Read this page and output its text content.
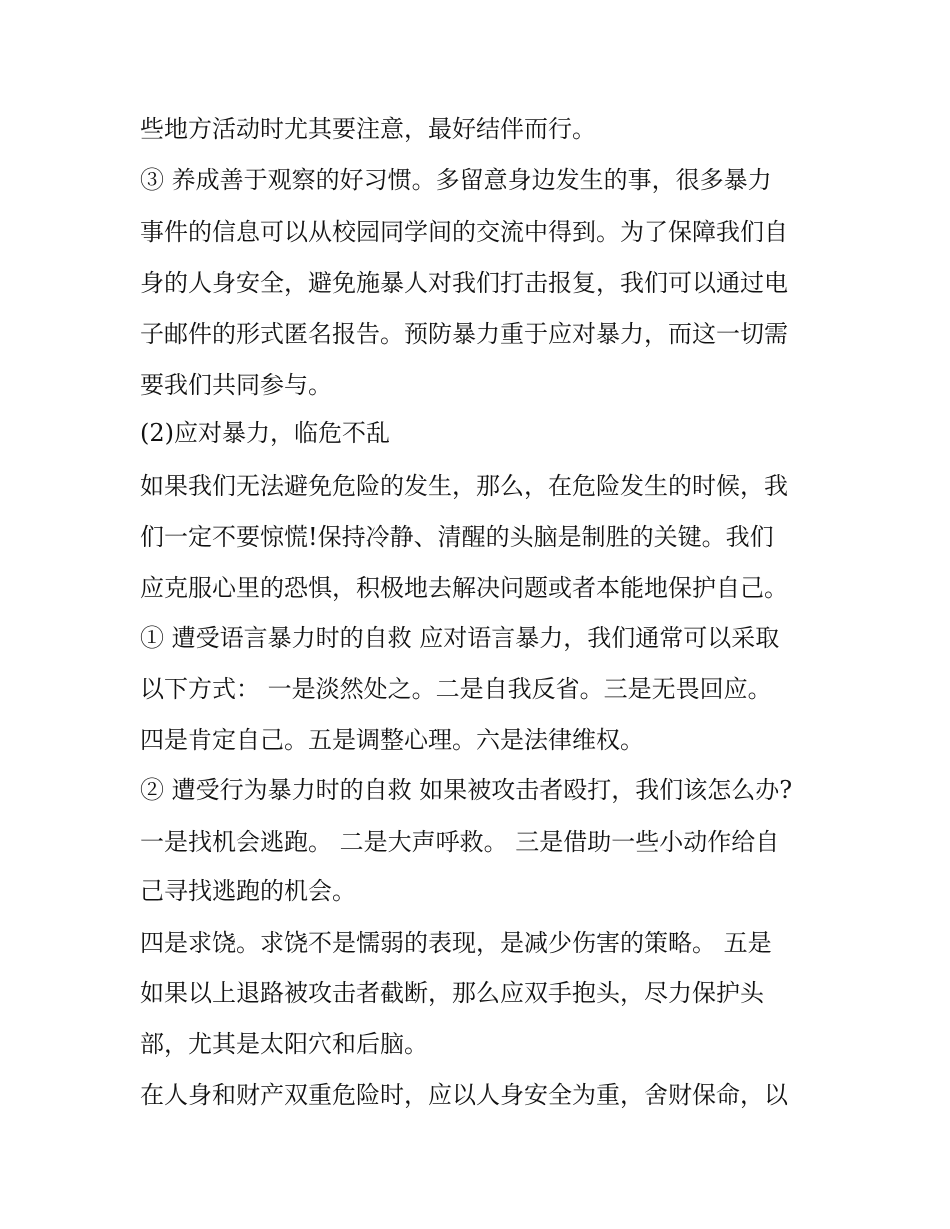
些地方活动时尤其要注意，最好结伴而行。
③ 养成善于观察的好习惯。多留意身边发生的事，很多暴力
事件的信息可以从校园同学间的交流中得到。为了保障我们自
身的人身安全，避免施暴人对我们打击报复，我们可以通过电
子邮件的形式匿名报告。预防暴力重于应对暴力，而这一切需
要我们共同参与。
(2)应对暴力，临危不乱
如果我们无法避免危险的发生，那么，在危险发生的时候，我
们一定不要惊慌!保持冷静、清醒的头脑是制胜的关键。我们
应克服心里的恐惧，积极地去解决问题或者本能地保护自己。
① 遭受语言暴力时的自救 应对语言暴力，我们通常可以采取
以下方式： 一是淡然处之。二是自我反省。三是无畏回应。
四是肯定自己。五是调整心理。六是法律维权。
② 遭受行为暴力时的自救 如果被攻击者殴打，我们该怎么办?
一是找机会逃跑。 二是大声呼救。 三是借助一些小动作给自
己寻找逃跑的机会。
四是求饶。求饶不是懦弱的表现，是减少伤害的策略。 五是
如果以上退路被攻击者截断，那么应双手抱头，尽力保护头
部，尤其是太阳穴和后脑。
在人身和财产双重危险时，应以人身安全为重，舍财保命，以
